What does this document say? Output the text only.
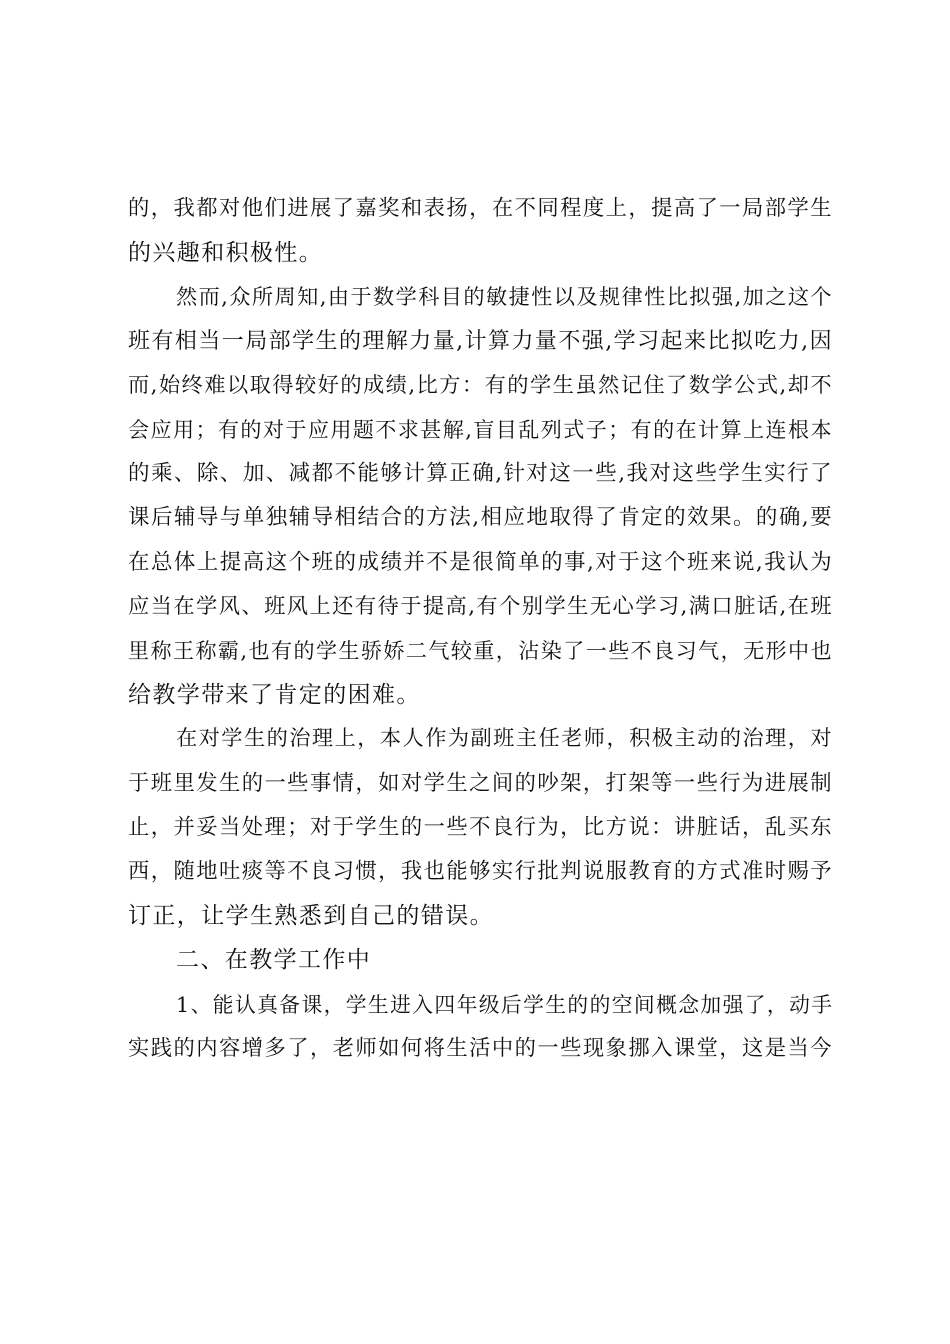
的，我都对他们进展了嘉奖和表扬，在不同程度上，提高了一局部学生
的兴趣和积极性。

然而,众所周知,由于数学科目的敏捷性以及规律性比拟强,加之这个
班有相当一局部学生的理解力量,计算力量不强,学习起来比拟吃力,因
而,始终难以取得较好的成绩,比方：有的学生虽然记住了数学公式,却不
会应用；有的对于应用题不求甚解,盲目乱列式子；有的在计算上连根本
的乘、除、加、减都不能够计算正确,针对这一些,我对这些学生实行了
课后辅导与单独辅导相结合的方法,相应地取得了肯定的效果。的确,要
在总体上提高这个班的成绩并不是很简单的事,对于这个班来说,我认为
应当在学风、班风上还有待于提高,有个别学生无心学习,满口脏话,在班
里称王称霸,也有的学生骄娇二气较重，沾染了一些不良习气，无形中也
给教学带来了肯定的困难。

在对学生的治理上，本人作为副班主任老师，积极主动的治理，对
于班里发生的一些事情，如对学生之间的吵架，打架等一些行为进展制
止，并妥当处理；对于学生的一些不良行为，比方说：讲脏话，乱买东
西，随地吐痰等不良习惯，我也能够实行批判说服教育的方式准时赐予
订正，让学生熟悉到自己的错误。

二、在教学工作中

1、能认真备课，学生进入四年级后学生的的空间概念加强了，动手
实践的内容增多了，老师如何将生活中的一些现象挪入课堂，这是当今
